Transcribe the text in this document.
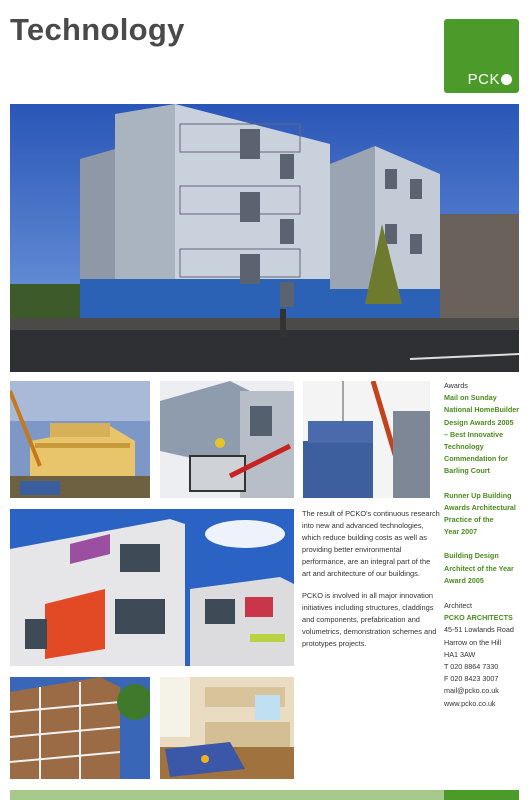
Technology
PCK
Awards
Mail on Sunday
National HomeBuilder
Design Awards 2005
– Best Innovative
Technology
Commendation for
Barling Court
Runner Up Building
Awards Architectural
Practice of the
Year 2007
Building Design
Architect of the Year
Award 2005
Architect
PCKO ARCHITECTS
45-51 Lowlands Road
Harrow on the Hill
HA1 3AW
T 020 8864 7330
F 020 8423 3007
mail@pcko.co.uk
www.pcko.co.uk

The result of PCKO's continuous research into new and advanced technologies, which reduce building costs as well as providing better environmental performance, are an integral part of the art and architecture of our buildings.

PCKO is involved in all major innovation initiatives including structures, claddings and components, prefabrication and volumetrics, demonstration schemes and prototypes projects.
